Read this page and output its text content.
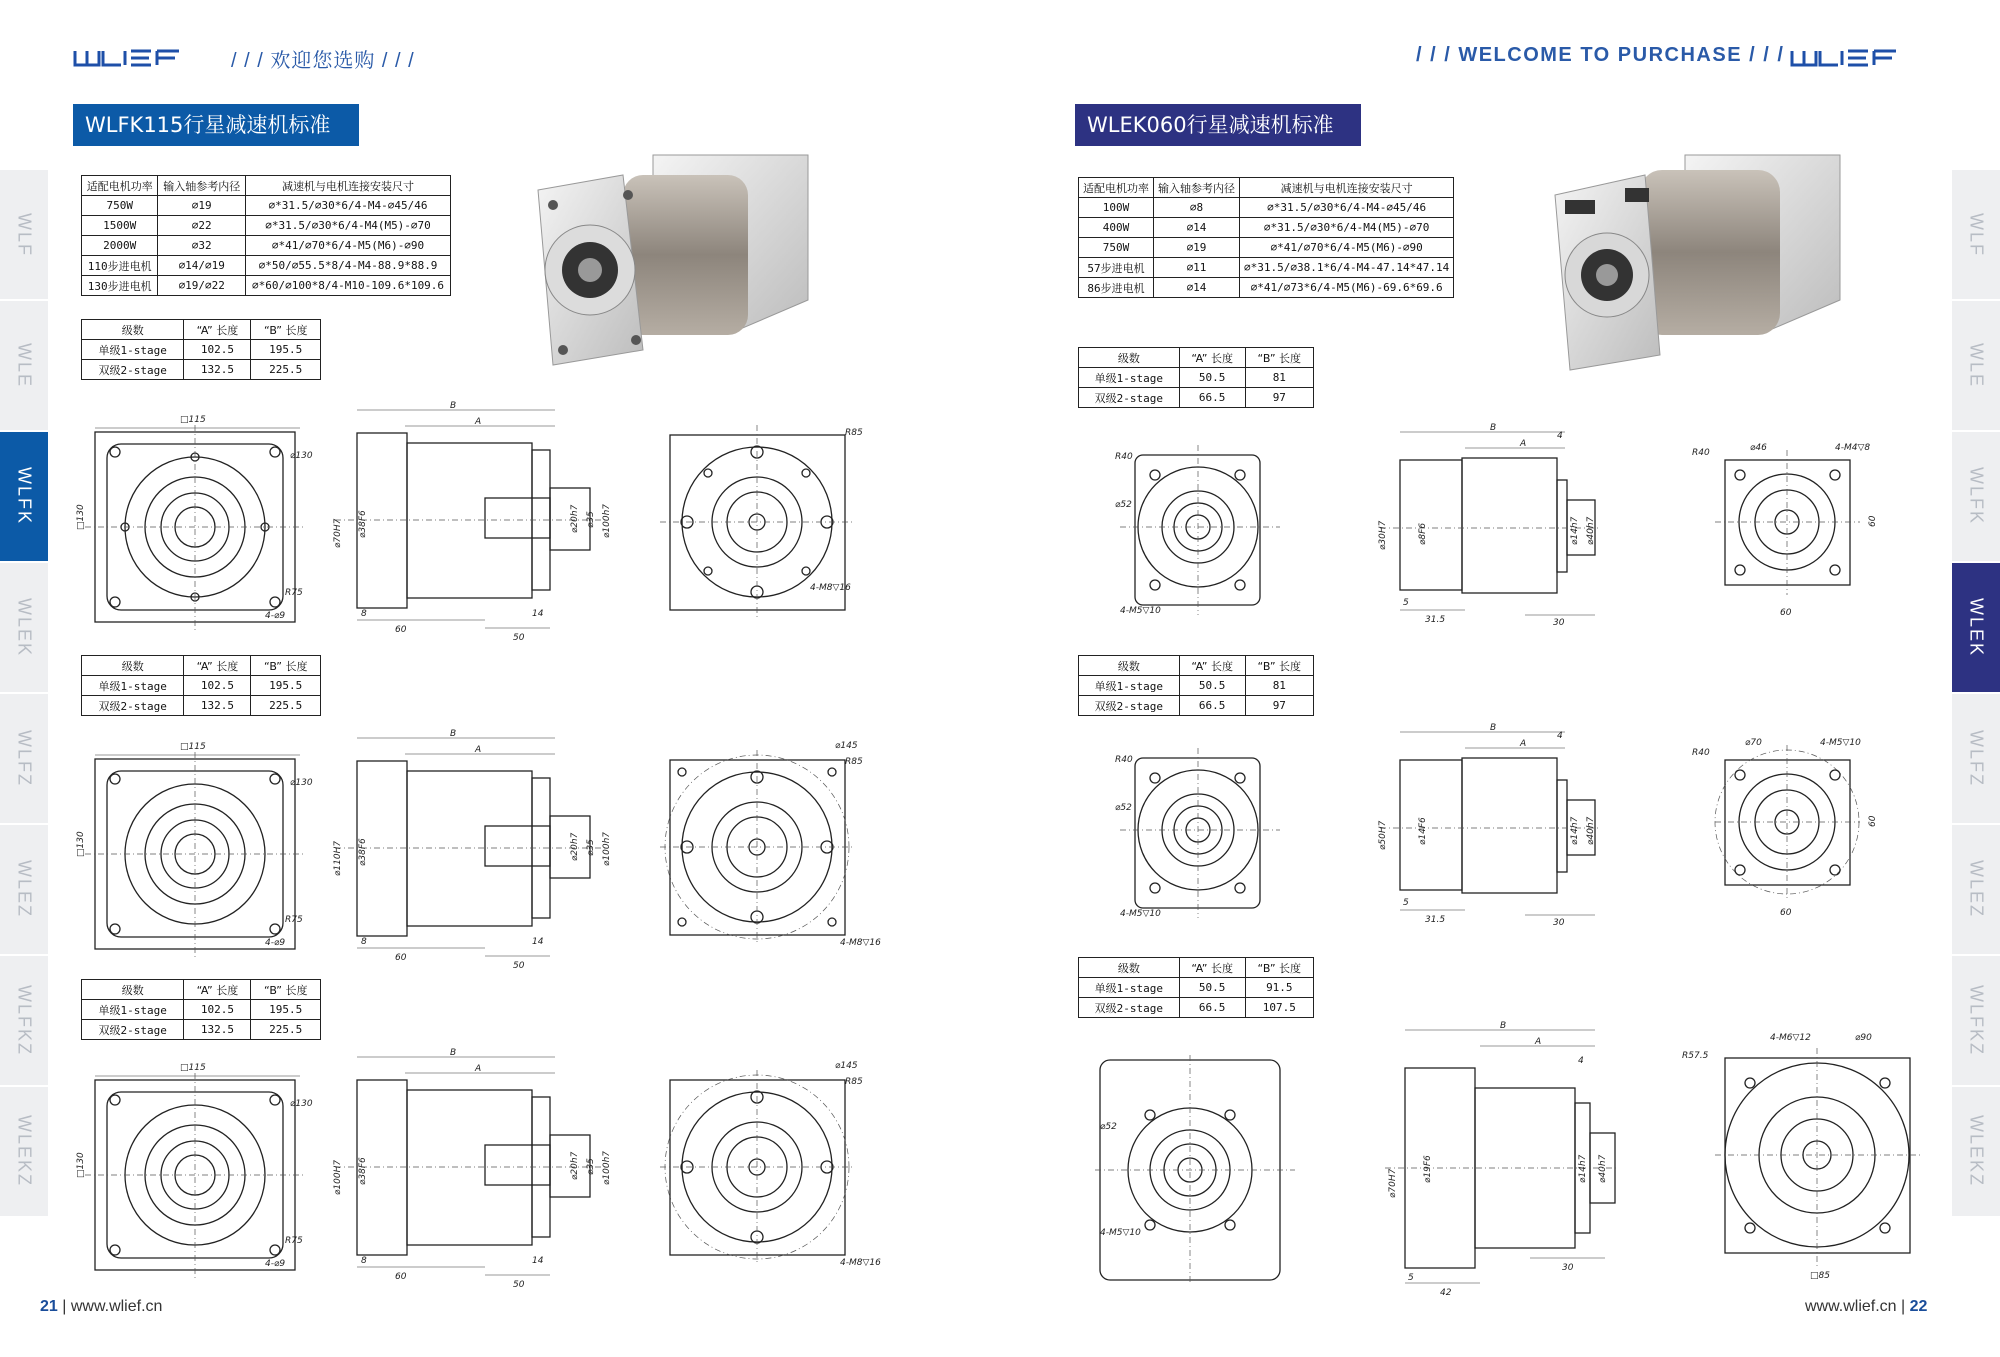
/ / / 欢迎您选购 / / /	/ / / WELCOME TO PURCHASE / / /
WLFK115行星减速机标准尺寸
WLEK060行星减速机标准尺寸
WLF
WLE
WLFK
WLEK
WLFZ
WLEZ
WLFKZ
WLEKZ
WLF
WLE
WLFK
WLEK
WLFZ
WLEZ
WLFKZ
WLEKZ
适配电机功率	输入轴参考内径	减速机与电机连接安装尺寸
750W	⌀19	⌀*31.5/⌀30*6/4-M4-⌀45/46
1500W	⌀22	⌀*31.5/⌀30*6/4-M4(M5)-⌀70
2000W	⌀32	⌀*41/⌀70*6/4-M5(M6)-⌀90
110步进电机	⌀14/⌀19	⌀*50/⌀55.5*8/4-M4-88.9*88.9
130步进电机	⌀19/⌀22	⌀*60/⌀100*8/4-M10-109.6*109.6
级数	“A” 长度	“B” 长度
单级1-stage	102.5	195.5
双级2-stage	132.5	225.5
级数	“A” 长度	“B” 长度
单级1-stage	102.5	195.5
双级2-stage	132.5	225.5
级数	“A” 长度	“B” 长度
单级1-stage	102.5	195.5
双级2-stage	132.5	225.5
适配电机功率	输入轴参考内径	减速机与电机连接安装尺寸
100W	⌀8	⌀*31.5/⌀30*6/4-M4-⌀45/46
400W	⌀14	⌀*31.5/⌀30*6/4-M4(M5)-⌀70
750W	⌀19	⌀*41/⌀70*6/4-M5(M6)-⌀90
57步进电机	⌀11	⌀*31.5/⌀38.1*6/4-M4-47.14*47.14
86步进电机	⌀14	⌀*41/⌀73*6/4-M5(M6)-69.6*69.6
级数	“A” 长度	“B” 长度
单级1-stage	50.5	81
双级2-stage	66.5	97
级数	“A” 长度	“B” 长度
单级1-stage	50.5	81
双级2-stage	66.5	97
级数	“A” 长度	“B” 长度
单级1-stage	50.5	91.5
双级2-stage	66.5	107.5
□115
□130
⌀130
R75
4-⌀9
B
A
⌀70H7 ⌀38F6	⌀20h7 ⌀35 ⌀100h7
60
50
8	14
R85
4-M8▽16
□115
□130
⌀130
R75
4-⌀9
B
A
⌀110H7 ⌀38F6	⌀20h7 ⌀35 ⌀100h7
60
50
8	14
⌀145
R85
4-M8▽16
□115
□130
⌀130
R75
4-⌀9
B
A
⌀100H7 ⌀38F6	⌀20h7 ⌀35 ⌀100h7
60
50
8	14
⌀145
R85
4-M8▽16
R40
⌀52
4-M5▽10
B
A
⌀30H7	⌀8F6	⌀14h7 ⌀40h7
31.5	30
5
4
R40	⌀46	4-M4▽8
60
60
R40
⌀52
4-M5▽10
B
A
⌀50H7	⌀14F6	⌀14h7 ⌀40h7
31.5	30
5
4
R40
⌀70	4-M5▽10
60
60
⌀52
4-M5▽10
B
A
⌀70H7	⌀19F6	⌀14h7 ⌀40h7
42
30
5
4	R57.5
⌀90
4-M6▽12
□85
21 | www.wlief.cn	www.wlief.cn | 22
